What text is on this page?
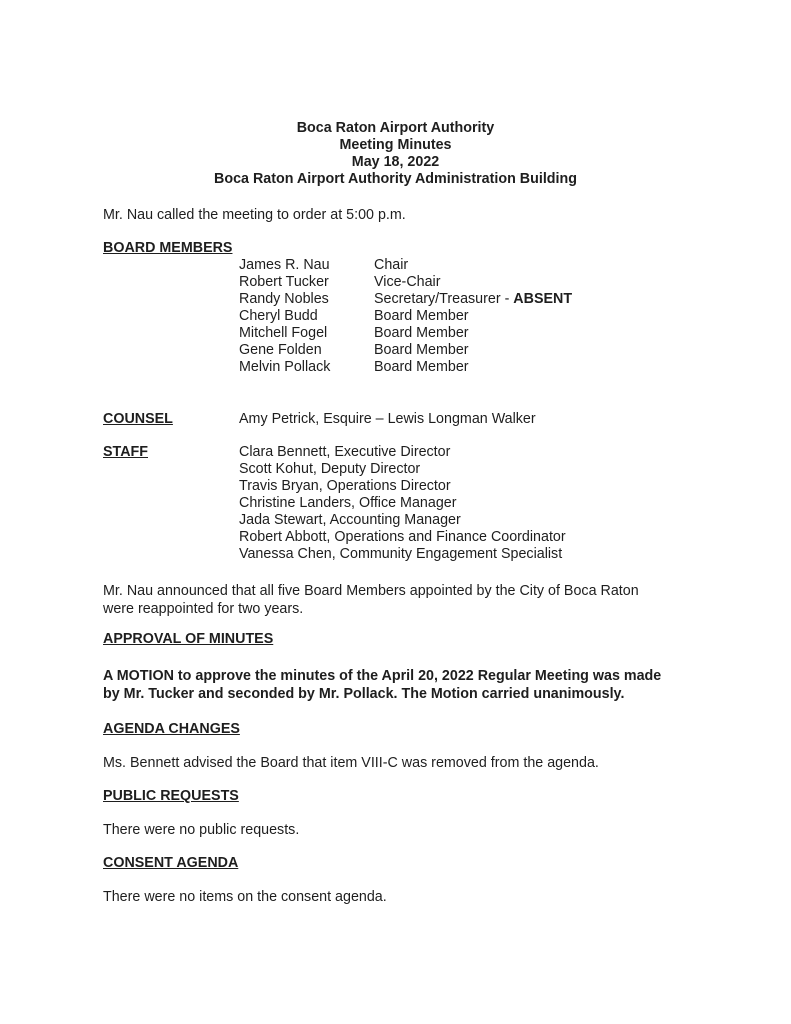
Boca Raton Airport Authority
Meeting Minutes
May 18, 2022
Boca Raton Airport Authority Administration Building
Mr. Nau called the meeting to order at 5:00 p.m.
BOARD MEMBERS
James R. Nau
Robert Tucker
Randy Nobles
Cheryl Budd
Mitchell Fogel
Gene Folden
Melvin Pollack
Chair
Vice-Chair
Secretary/Treasurer - ABSENT
Board Member
Board Member
Board Member
Board Member
COUNSEL	Amy Petrick, Esquire – Lewis Longman Walker
STAFF	Clara Bennett, Executive Director
Scott Kohut, Deputy Director
Travis Bryan, Operations Director
Christine Landers, Office Manager
Jada Stewart, Accounting Manager
Robert Abbott, Operations and Finance Coordinator
Vanessa Chen, Community Engagement Specialist
Mr. Nau announced that all five Board Members appointed by the City of Boca Raton
were reappointed for two years.
APPROVAL OF MINUTES
A MOTION to approve the minutes of the April 20, 2022 Regular Meeting was made
by Mr. Tucker and seconded by Mr. Pollack. The Motion carried unanimously.
AGENDA CHANGES
Ms. Bennett advised the Board that item VIII-C was removed from the agenda.
PUBLIC REQUESTS
There were no public requests.
CONSENT AGENDA
There were no items on the consent agenda.
